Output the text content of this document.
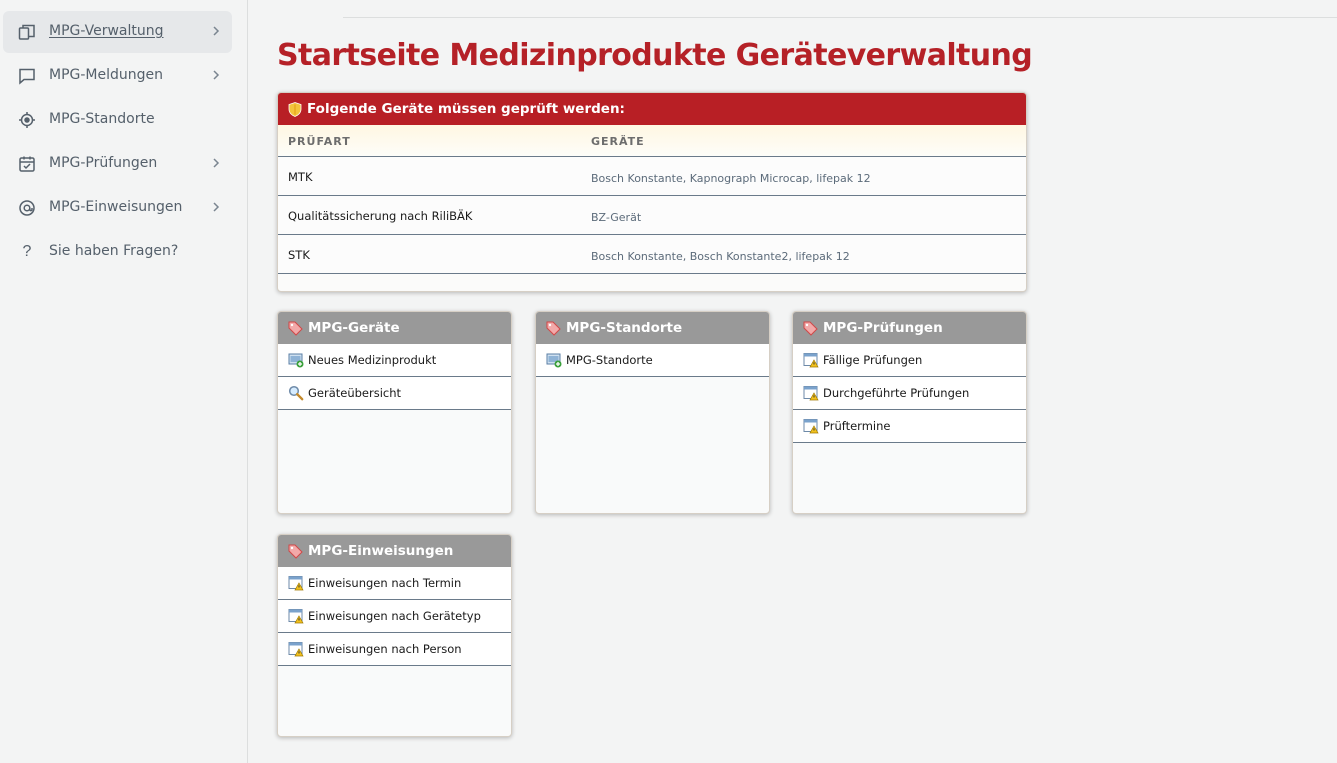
MPG-Verwaltung
MPG-Meldungen
MPG-Standorte
MPG-Prüfungen
MPG-Einweisungen
?	Sie haben Fragen?
Startseite Medizinprodukte Geräteverwaltung
Folgende Geräte müssen geprüft werden:
PRÜFART	GERÄTE
MTK	Bosch Konstante, Kapnograph Microcap, lifepak 12
Qualitätssicherung nach RiliBÄK	BZ-Gerät
STK	Bosch Konstante, Bosch Konstante2, lifepak 12
MPG-Geräte
Neues Medizinprodukt
Geräteübersicht
MPG-Standorte
MPG-Standorte
MPG-Prüfungen
Fällige Prüfungen
Durchgeführte Prüfungen
Prüftermine
MPG-Einweisungen
Einweisungen nach Termin
Einweisungen nach Gerätetyp
Einweisungen nach Person
